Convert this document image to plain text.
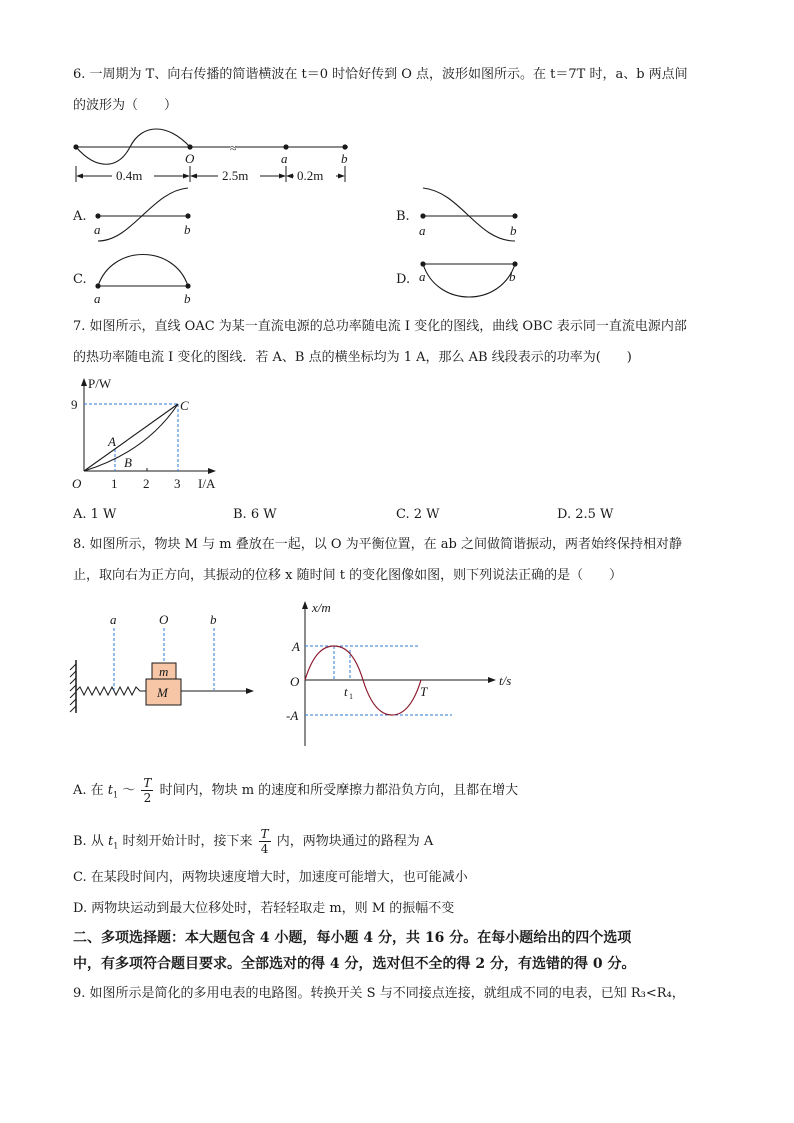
6. 一周期为 T、向右传播的简谐横波在 t＝0 时恰好传到 O 点，波形如图所示。在 t＝7T 时，a、b 两点间
的波形为（　　）
≈
O	a	b
0.4m	2.5m	0.2m
A.
a	b
B.
a	b
C.
a	b
D. a	b
7. 如图所示，直线 OAC 为某一直流电源的总功率随电流 I 变化的图线，曲线 OBC 表示同一直流电源内部
的热功率随电流 I 变化的图线．若 A、B 点的横坐标均为 1 A，那么 AB 线段表示的功率为(　　)
P/W
9	C
A
B
O 1 2 3 I/A
A. 1 W	B. 6 W	C. 2 W	D. 2.5 W
8. 如图所示，物块 M 与 m 叠放在一起，以 O 为平衡位置，在 ab 之间做简谐振动，两者始终保持相对静
止，取向右为正方向，其振动的位移 x 随时间 t 的变化图像如图，则下列说法正确的是（　　）
a	O	b
m
M
x/m
A
O
-A
t 1	T
t/s
A. 在 $t_1$ ～ $\frac{T}{2}$ 时间内，物块 m 的速度和所受摩擦力都沿负方向，且都在增大
B. 从 $t_1$ 时刻开始计时，接下来 $\frac{T}{4}$ 内，两物块通过的路程为 A
C. 在某段时间内，两物块速度增大时，加速度可能增大，也可能减小
D. 两物块运动到最大位移处时，若轻轻取走 m，则 M 的振幅不变
二、多项选择题：本大题包含 4 小题，每小题 4 分，共 16 分。在每小题给出的四个选项
中，有多项符合题目要求。全部选对的得 4 分，选对但不全的得 2 分，有选错的得 0 分。
9. 如图所示是简化的多用电表的电路图。转换开关 S 与不同接点连接，就组成不同的电表，已知 R₃<R₄，
